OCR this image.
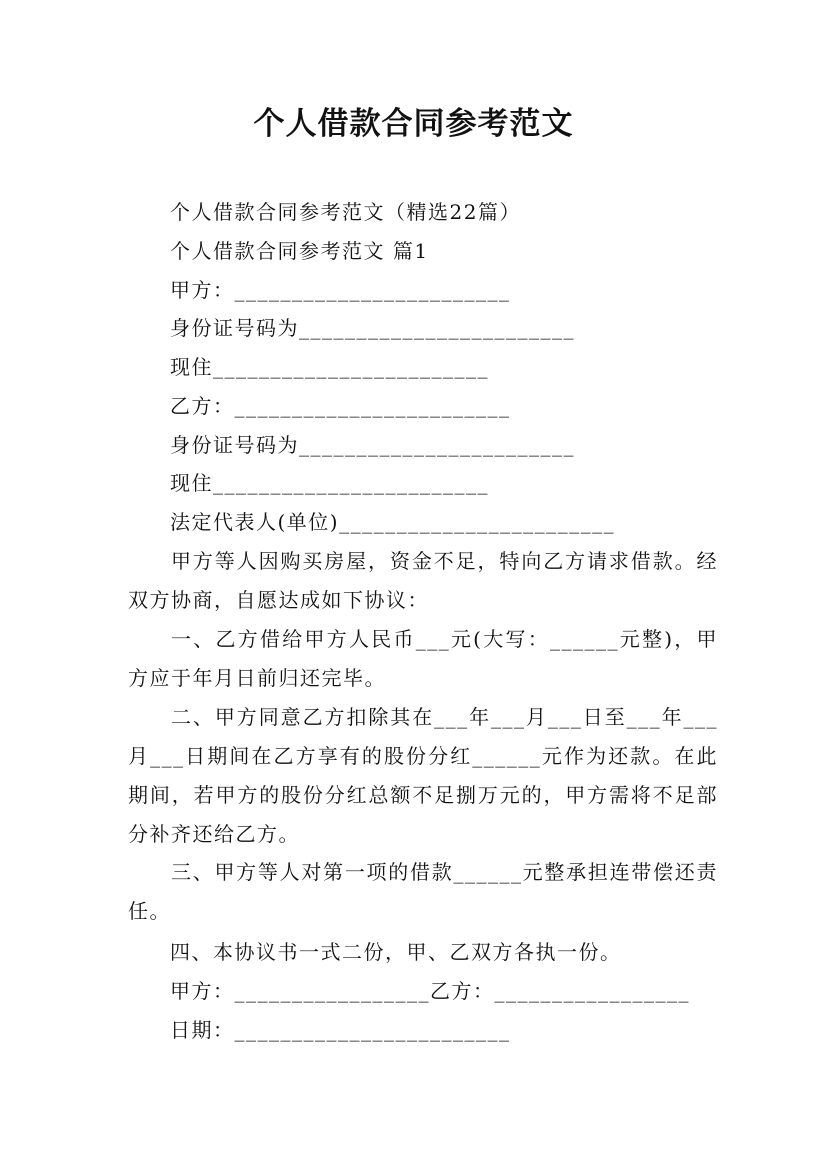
个人借款合同参考范文
个人借款合同参考范文（精选22篇）
个人借款合同参考范文 篇1
甲方：________________________
身份证号码为________________________
现住________________________
乙方：________________________
身份证号码为________________________
现住________________________
法定代表人(单位)________________________
甲方等人因购买房屋，资金不足，特向乙方请求借款。经双方协商，自愿达成如下协议：
一、乙方借给甲方人民币___元(大写：______元整)，甲方应于年月日前归还完毕。
二、甲方同意乙方扣除其在___年___月___日至___年___月___日期间在乙方享有的股份分红______元作为还款。在此期间，若甲方的股份分红总额不足捌万元的，甲方需将不足部分补齐还给乙方。
三、甲方等人对第一项的借款______元整承担连带偿还责任。
四、本协议书一式二份，甲、乙双方各执一份。
甲方：_________________乙方：_________________
日期：________________________
